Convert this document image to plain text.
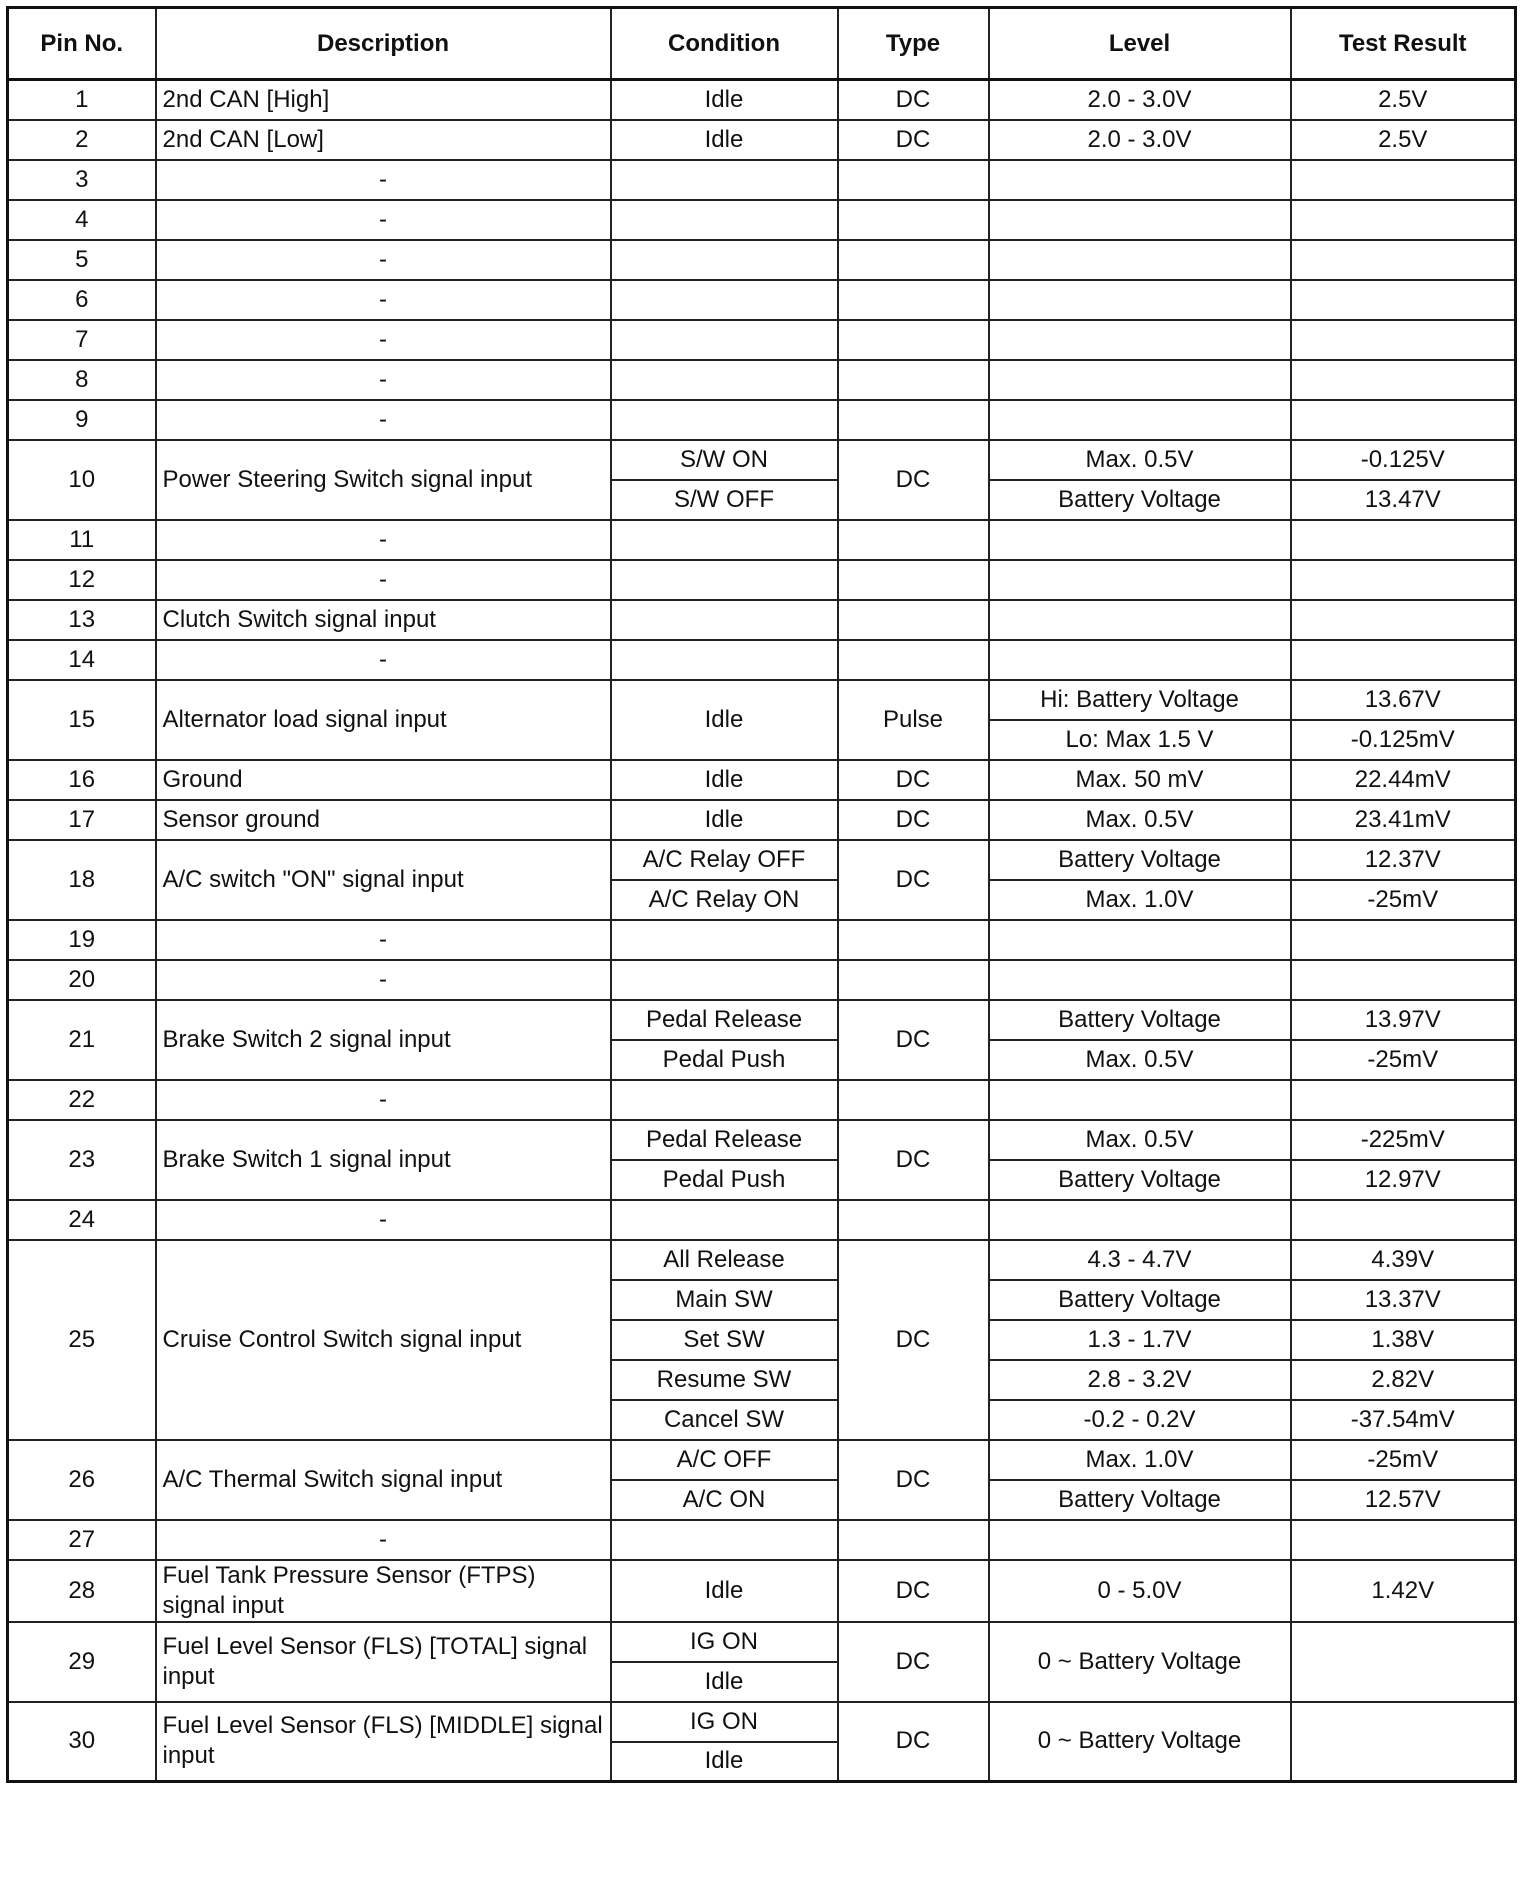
Pin No.	Description	Condition	Type	Level	Test Result
1	2nd CAN [High]	Idle	DC	2.0 - 3.0V	2.5V
2	2nd CAN [Low]	Idle	DC	2.0 - 3.0V	2.5V
3	-				
4	-				
5	-				
6	-				
7	-				
8	-				
9	-				
10	Power Steering Switch signal input	S/W ON	DC	Max. 0.5V	-0.125V
		S/W OFF		Battery Voltage	13.47V
11	-				
12	-				
13	Clutch Switch signal input				
14	-				
15	Alternator load signal input	Idle	Pulse	Hi: Battery Voltage	13.67V
				Lo: Max 1.5 V	-0.125mV
16	Ground	Idle	DC	Max. 50 mV	22.44mV
17	Sensor ground	Idle	DC	Max. 0.5V	23.41mV
18	A/C switch "ON" signal input	A/C Relay OFF	DC	Battery Voltage	12.37V
		A/C Relay ON		Max. 1.0V	-25mV
19	-				
20	-				
21	Brake Switch 2 signal input	Pedal Release	DC	Battery Voltage	13.97V
		Pedal Push		Max. 0.5V	-25mV
22	-				
23	Brake Switch 1 signal input	Pedal Release	DC	Max. 0.5V	-225mV
		Pedal Push		Battery Voltage	12.97V
24	-				
25	Cruise Control Switch signal input	All Release	DC	4.3 - 4.7V	4.39V
		Main SW		Battery Voltage	13.37V
		Set SW		1.3 - 1.7V	1.38V
		Resume SW		2.8 - 3.2V	2.82V
		Cancel SW		-0.2 - 0.2V	-37.54mV
26	A/C Thermal Switch signal input	A/C OFF	DC	Max. 1.0V	-25mV
		A/C ON		Battery Voltage	12.57V
27	-				
28	Fuel Tank Pressure Sensor (FTPS) signal input	Idle	DC	0 - 5.0V	1.42V
29	Fuel Level Sensor (FLS) [TOTAL] signal input	IG ON	DC	0 ~ Battery Voltage	
		Idle			
30	Fuel Level Sensor (FLS) [MIDDLE] signal input	IG ON	DC	0 ~ Battery Voltage	
		Idle			
